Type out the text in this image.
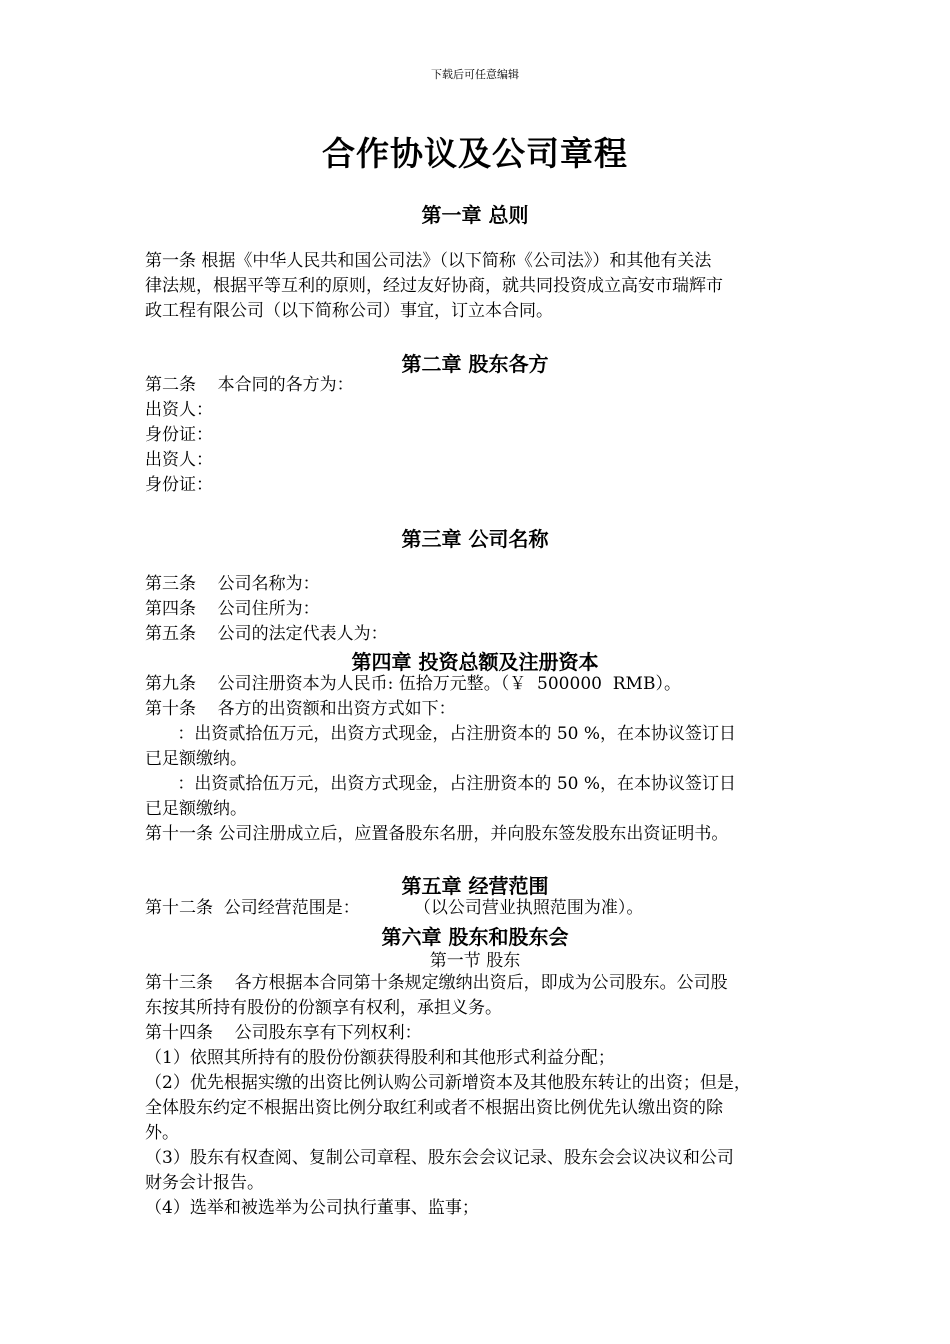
下载后可任意编辑
合作协议及公司章程
第一章 总则
第一条 根据《中华人民共和国公司法》（以下简称《公司法》）和其他有关法
律法规，根据平等互利的原则，经过友好协商，就共同投资成立高安市瑞辉市
政工程有限公司（以下简称公司）事宜，订立本合同。
第二章 股东各方
第二条    本合同的各方为：
出资人：
身份证：
出资人：
身份证：
第三章 公司名称
第三条    公司名称为：
第四条    公司住所为：
第五条    公司的法定代表人为：
第四章 投资总额及注册资本
第九条    公司注册资本为人民币: 伍拾万元整。（￥  500000  RMB）。
第十条    各方的出资额和出资方式如下：
：出资贰拾伍万元，出资方式现金，占注册资本的 50 %，在本协议签订日
已足额缴纳。
：出资贰拾伍万元，出资方式现金，占注册资本的 50 %，在本协议签订日
已足额缴纳。
第十一条 公司注册成立后，应置备股东名册，并向股东签发股东出资证明书。
第五章 经营范围
第十二条  公司经营范围是：          （以公司营业执照范围为准）。
第六章 股东和股东会
第一节 股东
第十三条    各方根据本合同第十条规定缴纳出资后，即成为公司股东。公司股
东按其所持有股份的份额享有权利，承担义务。
第十四条    公司股东享有下列权利：
（1）依照其所持有的股份份额获得股利和其他形式利益分配；
（2）优先根据实缴的出资比例认购公司新增资本及其他股东转让的出资；但是，
全体股东约定不根据出资比例分取红利或者不根据出资比例优先认缴出资的除
外。
（3）股东有权查阅、复制公司章程、股东会会议记录、股东会会议决议和公司
财务会计报告。
（4）选举和被选举为公司执行董事、监事；
